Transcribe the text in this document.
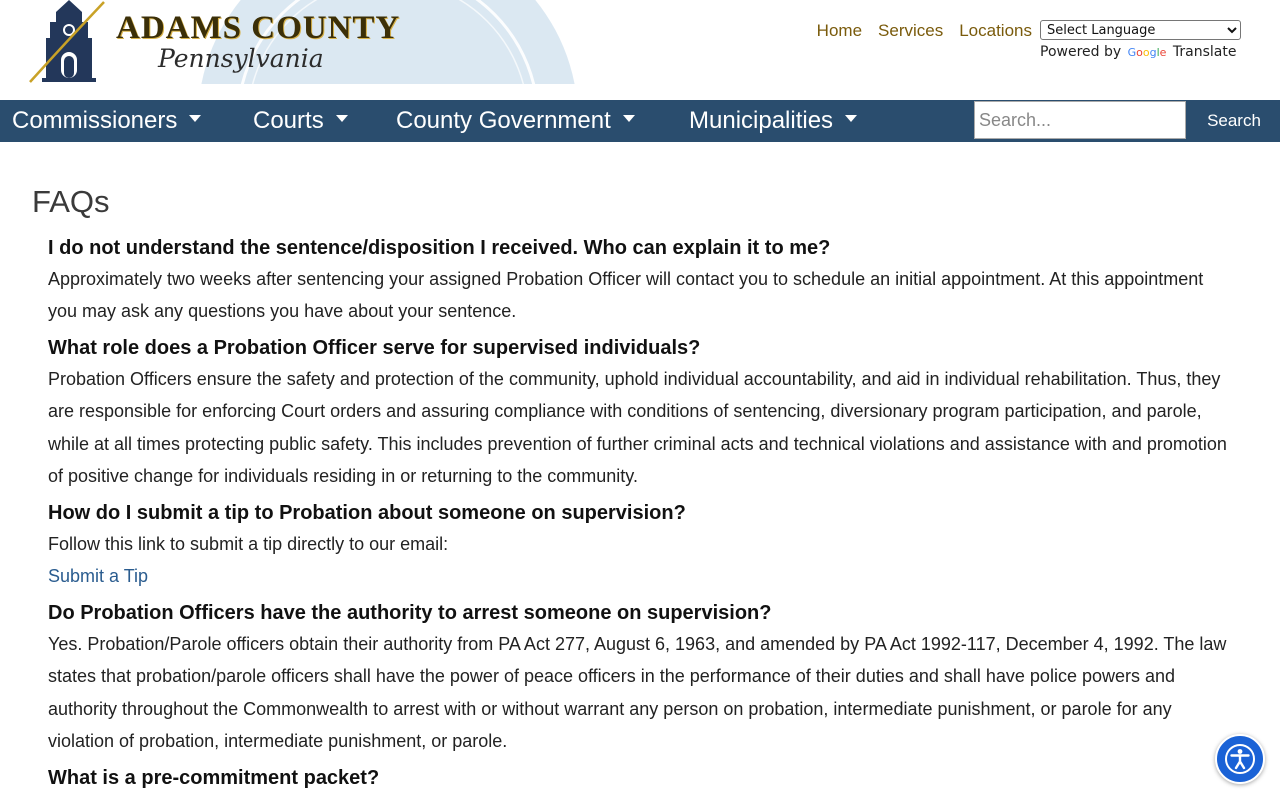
ADAMS COUNTY
Pennsylvania
Home Services Locations
Select Language
Powered by Google Translate
Commissioners	Courts	County Government	Municipalities
Search...	Search
FAQs
I do not understand the sentence/disposition I received. Who can explain it to me?

Approximately two weeks after sentencing your assigned Probation Officer will contact you to schedule an initial appointment. At this appointment you may ask any questions you have about your sentence.

What role does a Probation Officer serve for supervised individuals?

Probation Officers ensure the safety and protection of the community, uphold individual accountability, and aid in individual rehabilitation. Thus, they are responsible for enforcing Court orders and assuring compliance with conditions of sentencing, diversionary program participation, and parole, while at all times protecting public safety. This includes prevention of further criminal acts and technical violations and assistance with and promotion of positive change for individuals residing in or returning to the community.

How do I submit a tip to Probation about someone on supervision?

Follow this link to submit a tip directly to our email:

Submit a Tip
Do Probation Officers have the authority to arrest someone on supervision?

Yes. Probation/Parole officers obtain their authority from PA Act 277, August 6, 1963, and amended by PA Act 1992-117, December 4, 1992. The law states that probation/parole officers shall have the power of peace officers in the performance of their duties and shall have police powers and authority throughout the Commonwealth to arrest with or without warrant any person on probation, intermediate punishment, or parole for any violation of probation, intermediate punishment, or parole.

What is a pre-commitment packet?
